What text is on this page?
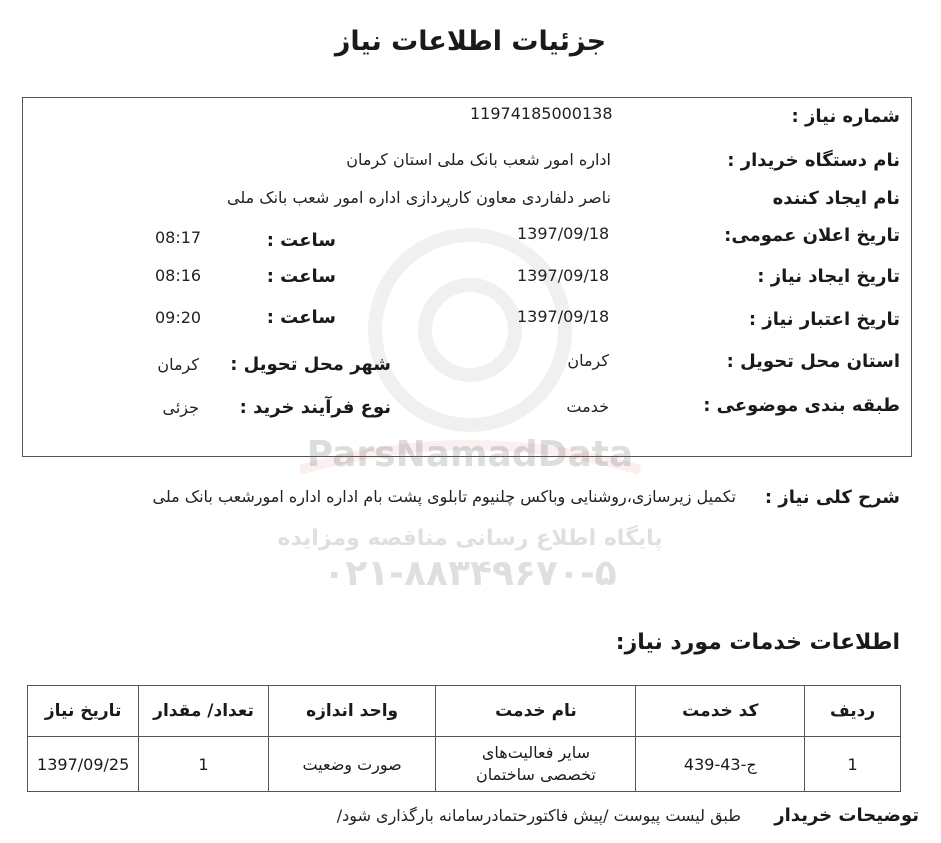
ParsNamadData
پایگاه اطلاع رسانی مناقصه ومزایده
۰۲۱-۸۸۳۴۹۶۷۰-۵
جزئیات اطلاعات نیاز
شماره نیاز :
11974185000138
نام دستگاه خریدار :
اداره امور شعب بانک ملی استان کرمان
نام ایجاد کننده
ناصر دلفاردی معاون کارپردازی اداره امور شعب بانک ملی
تاریخ اعلان عمومی:
1397/09/18
ساعت :
08:17
تاریخ ایجاد نیاز :
1397/09/18
ساعت :
08:16
تاریخ اعتبار نیاز :
1397/09/18
ساعت :
09:20
استان محل تحویل :
کرمان
شهر محل تحویل :
کرمان
طبقه بندی موضوعی :
خدمت
نوع فرآیند خرید :
جزئی
شرح کلی نیاز :
تکمیل زیرسازی،روشنایی وباکس چلنیوم تابلوی پشت بام اداره اداره امورشعب بانک ملی
اطلاعات خدمات مورد نیاز:
ردیف	کد خدمت	نام خدمت	واحد اندازه	تعداد/ مقدار	تاریخ نیاز
1	ج-43-439	سایر فعالیت‌های تخصصی ساختمان	صورت وضعیت	1	1397/09/25
توضیحات خریدار
طبق لیست پیوست /پیش فاکتورحتمادرسامانه بارگذاری شود/
